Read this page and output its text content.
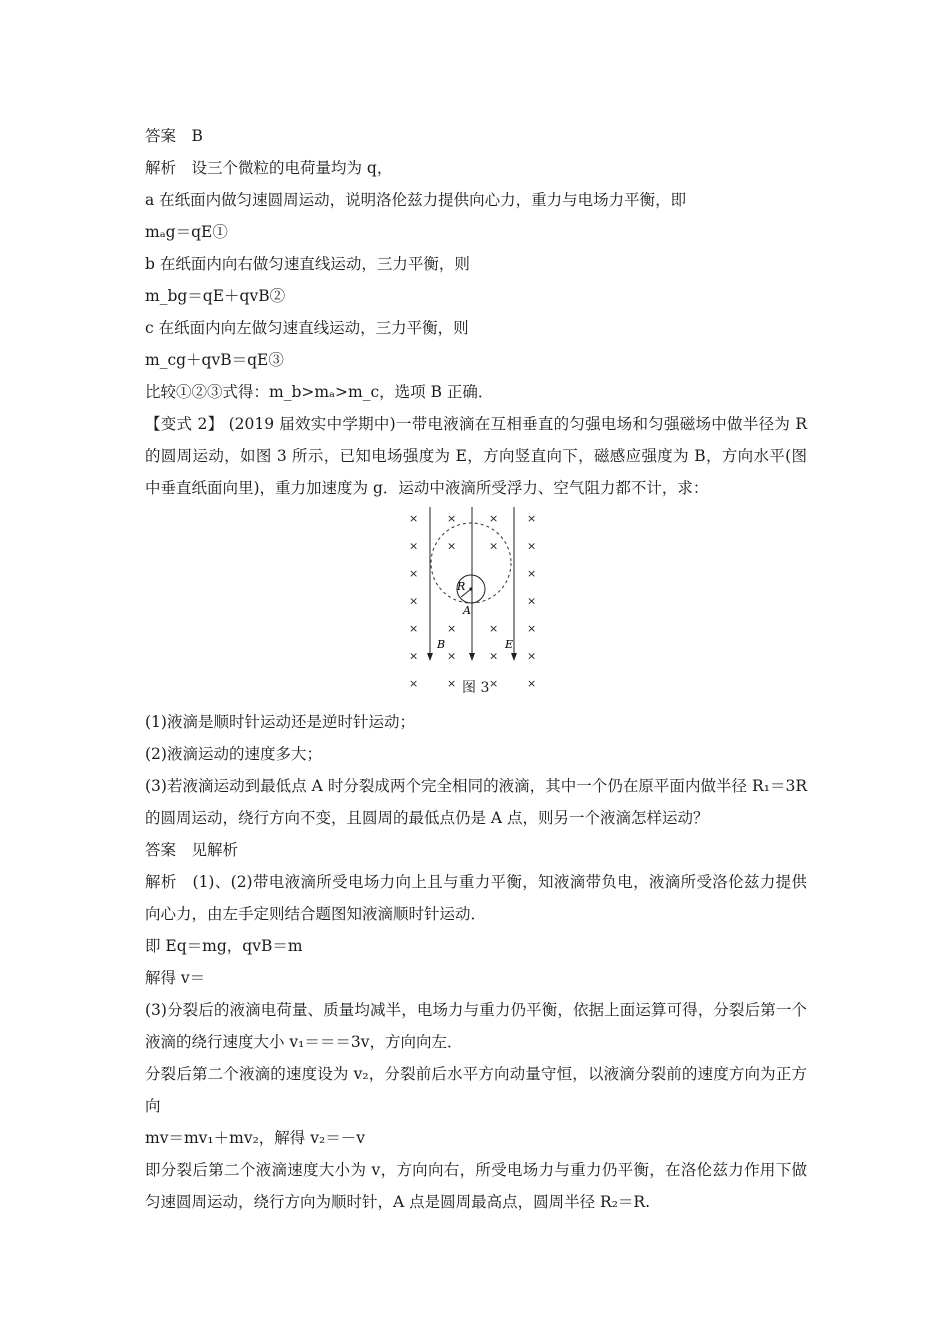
答案　B
解析　设三个微粒的电荷量均为 q，
a 在纸面内做匀速圆周运动，说明洛伦兹力提供向心力，重力与电场力平衡，即
mₐg＝qE①
b 在纸面内向右做匀速直线运动，三力平衡，则
m_bg＝qE＋qvB②
c 在纸面内向左做匀速直线运动，三力平衡，则
m_cg＋qvB＝qE③
比较①②③式得：m_b>mₐ>m_c，选项 B 正确．
【变式 2】 (2019 届效实中学期中)一带电液滴在互相垂直的匀强电场和匀强磁场中做半径为 R 的圆周运动，如图 3 所示，已知电场强度为 E，方向竖直向下，磁感应强度为 B，方向水平(图中垂直纸面向里)，重力加速度为 g．运动中液滴所受浮力、空气阻力都不计，求：
×	×	×	×
×	×	×	×
×	×
×	×
×	×	×	×
×	×	×	×
×	×	×	×
R
A
B	E
图 3
(1)液滴是顺时针运动还是逆时针运动；
(2)液滴运动的速度多大；
(3)若液滴运动到最低点 A 时分裂成两个完全相同的液滴，其中一个仍在原平面内做半径 R₁＝3R 的圆周运动，绕行方向不变，且圆周的最低点仍是 A 点，则另一个液滴怎样运动？
答案　见解析
解析　(1)、(2)带电液滴所受电场力向上且与重力平衡，知液滴带负电，液滴所受洛伦兹力提供向心力，由左手定则结合题图知液滴顺时针运动．
即 Eq＝mg，qvB＝m
解得 v＝
(3)分裂后的液滴电荷量、质量均减半，电场力与重力仍平衡，依据上面运算可得，分裂后第一个液滴的绕行速度大小 v₁＝＝＝3v，方向向左．
分裂后第二个液滴的速度设为 v₂，分裂前后水平方向动量守恒，以液滴分裂前的速度方向为正方向
mv＝mv₁＋mv₂，解得 v₂＝－v
即分裂后第二个液滴速度大小为 v，方向向右，所受电场力与重力仍平衡，在洛伦兹力作用下做匀速圆周运动，绕行方向为顺时针，A 点是圆周最高点，圆周半径 R₂＝R.
